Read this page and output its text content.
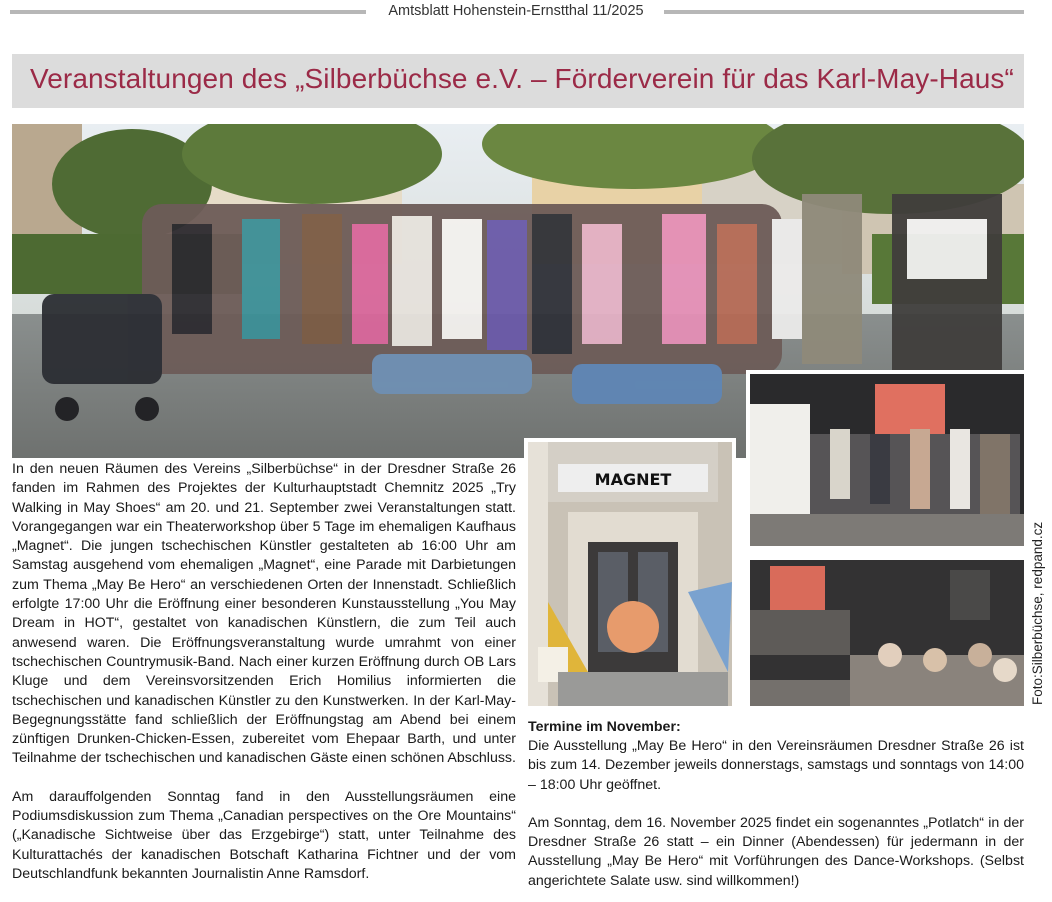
Amtsblatt Hohenstein-Ernstthal 11/2025
Veranstaltungen des „Silberbüchse e.V. – Förderverein für das Karl-May-Haus“
MAGNET
Foto:Silberbüchse, redpand.cz

In den neuen Räumen des Vereins „Silberbüchse“ in der Dresdner Straße 26 fanden im Rahmen des Projektes der Kulturhauptstadt Chemnitz 2025 „Try Walking in May Shoes“ am 20. und 21. September zwei Veranstaltungen statt. Vorangegangen war ein Theaterworkshop über 5 Tage im ehemaligen Kaufhaus „Magnet“. Die jungen tschechischen Künstler gestalteten ab 16:00 Uhr am Samstag ausgehend vom ehemaligen „Magnet“, eine Parade mit Darbietungen zum Thema „May Be Hero“ an verschiedenen Orten der Innenstadt. Schließlich erfolgte 17:00 Uhr die Eröffnung einer besonderen Kunstausstellung „You May Dream in HOT“, gestaltet von kanadischen Künstlern, die zum Teil auch anwesend waren. Die Eröffnungsveranstaltung wurde umrahmt von einer tschechischen Countrymusik-Band. Nach einer kurzen Eröffnung durch OB Lars Kluge und dem Vereinsvorsitzenden Erich Homilius informierten die tschechischen und kanadischen Künstler zu den Kunstwerken. In der Karl-May-Begegnungsstätte fand schließlich der Eröffnungstag am Abend bei einem zünftigen Drunken-Chicken-Essen, zubereitet vom Ehepaar Barth, und unter Teilnahme der tschechischen und kanadischen Gäste einen schönen Abschluss.

Am darauffolgenden Sonntag fand in den Ausstellungsräumen eine Podiumsdiskussion zum Thema „Canadian perspectives on the Ore Mountains“ („Kanadische Sichtweise über das Erzgebirge“) statt, unter Teilnahme des Kulturattachés der kanadischen Botschaft Katharina Fichtner und der vom Deutschlandfunk bekannten Journalistin Anne Ramsdorf.

Termine im November:

Die Ausstellung „May Be Hero“ in den Vereinsräumen Dresdner Straße 26 ist bis zum 14. Dezember jeweils donnerstags, samstags und sonntags von 14:00 – 18:00 Uhr geöffnet.

Am Sonntag, dem 16. November 2025 findet ein sogenanntes „Potlatch“ in der Dresdner Straße 26 statt – ein Dinner (Abendessen) für jedermann in der Ausstellung „May Be Hero“ mit Vorführungen des Dance-Workshops. (Selbst angerichtete Salate usw. sind willkommen!)
